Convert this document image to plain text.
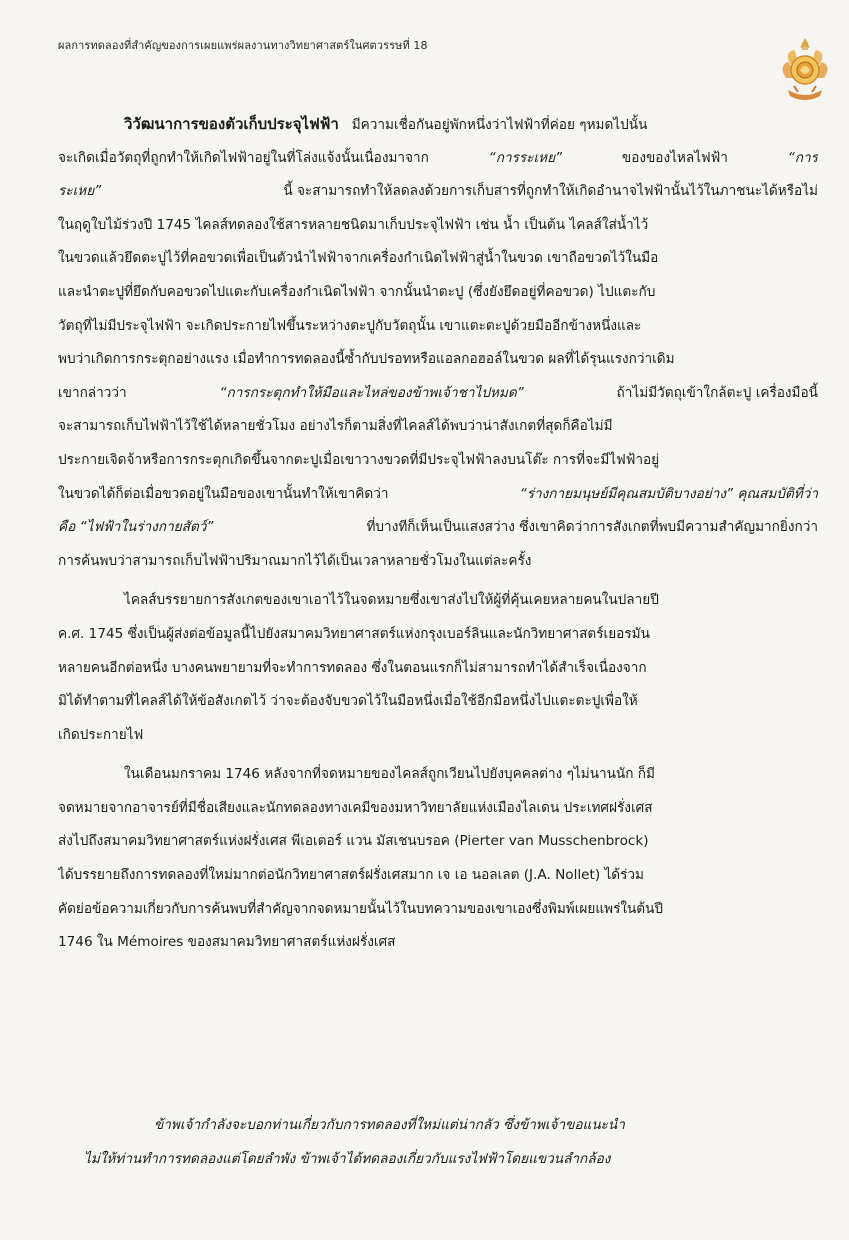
ผลการทดลองที่สำคัญของการเผยแพร่ผลงานทางวิทยาศาสตร์ในศตวรรษที่ 18
วิวัฒนาการของตัวเก็บประจุไฟฟ้า มีความเชื่อกันอยู่พักหนึ่งว่าไฟฟ้าที่ค่อย ๆหมดไปนั้น
จะเกิดเมื่อวัตถุที่ถูกทำให้เกิดไฟฟ้าอยู่ในที่โล่งแจ้งนั้นเนื่องมาจาก	“การระเหย”	ของของไหลไฟฟ้า	“การ
ระเหย”	นี้ จะสามารถทำให้ลดลงด้วยการเก็บสารที่ถูกทำให้เกิดอำนาจไฟฟ้านั้นไว้ในภาชนะได้หรือไม่
ในฤดูใบไม้ร่วงปี 1745 ไคลส์ทดลองใช้สารหลายชนิดมาเก็บประจุไฟฟ้า เช่น น้ำ เป็นต้น ไคลส์ใส่น้ำไว้
ในขวดแล้วยึดตะปูไว้ที่คอขวดเพื่อเป็นตัวนำไฟฟ้าจากเครื่องกำเนิดไฟฟ้าสู่น้ำในขวด เขาถือขวดไว้ในมือ
และนำตะปูที่ยึดกับคอขวดไปแตะกับเครื่องกำเนิดไฟฟ้า จากนั้นนำตะปู (ซึ่งยังยึดอยู่ที่คอขวด) ไปแตะกับ
วัตถุที่ไม่มีประจุไฟฟ้า จะเกิดประกายไฟขึ้นระหว่างตะปูกับวัตถุนั้น เขาแตะตะปูด้วยมืออีกข้างหนึ่งและ
พบว่าเกิดการกระตุกอย่างแรง เมื่อทำการทดลองนี้ซ้ำกับปรอทหรือแอลกอฮอล์ในขวด ผลที่ได้รุนแรงกว่าเดิม
เขากล่าวว่า	“การกระตุกทำให้มือและไหล่ของข้าพเจ้าชาไปหมด”	ถ้าไม่มีวัตถุเข้าใกล้ตะปู เครื่องมือนี้
จะสามารถเก็บไฟฟ้าไว้ใช้ได้หลายชั่วโมง อย่างไรก็ตามสิ่งที่ไคลส์ได้พบว่าน่าสังเกตที่สุดก็คือไม่มี
ประกายเจิดจ้าหรือการกระตุกเกิดขึ้นจากตะปูเมื่อเขาวางขวดที่มีประจุไฟฟ้าลงบนโต๊ะ การที่จะมีไฟฟ้าอยู่
ในขวดได้ก็ต่อเมื่อขวดอยู่ในมือของเขานั้นทำให้เขาคิดว่า	“ร่างกายมนุษย์มีคุณสมบัติบางอย่าง” คุณสมบัติที่ว่า
คือ “ไฟฟ้าในร่างกายสัตว์”	ที่บางทีก็เห็นเป็นแสงสว่าง ซึ่งเขาคิดว่าการสังเกตที่พบมีความสำคัญมากยิ่งกว่า
การค้นพบว่าสามารถเก็บไฟฟ้าปริมาณมากไว้ได้เป็นเวลาหลายชั่วโมงในแต่ละครั้ง
ไคลส์บรรยายการสังเกตของเขาเอาไว้ในจดหมายซึ่งเขาส่งไปให้ผู้ที่คุ้นเคยหลายคนในปลายปี
ค.ศ. 1745 ซึ่งเป็นผู้ส่งต่อข้อมูลนี้ไปยังสมาคมวิทยาศาสตร์แห่งกรุงเบอร์ลินและนักวิทยาศาสตร์เยอรมัน
หลายคนอีกต่อหนึ่ง บางคนพยายามที่จะทำการทดลอง ซึ่งในตอนแรกก็ไม่สามารถทำได้สำเร็จเนื่องจาก
มิได้ทำตามที่ไคลส์ได้ให้ข้อสังเกตไว้ ว่าจะต้องจับขวดไว้ในมือหนึ่งเมื่อใช้อีกมือหนึ่งไปแตะตะปูเพื่อให้
เกิดประกายไฟ
ในเดือนมกราคม 1746 หลังจากที่จดหมายของไคลส์ถูกเวียนไปยังบุคคลต่าง ๆไม่นานนัก ก็มี
จดหมายจากอาจารย์ที่มีชื่อเสียงและนักทดลองทางเคมีของมหาวิทยาลัยแห่งเมืองไลเดน ประเทศฝรั่งเศส
ส่งไปถึงสมาคมวิทยาศาสตร์แห่งฝรั่งเศส พีเอเตอร์ แวน มัสเชนบรอค (Pierter van Musschenbrock)
ได้บรรยายถึงการทดลองที่ใหม่มากต่อนักวิทยาศาสตร์ฝรั่งเศสมาก เจ เอ นอลเลต (J.A. Nollet) ได้ร่วม
คัดย่อข้อความเกี่ยวกับการค้นพบที่สำคัญจากจดหมายนั้นไว้ในบทความของเขาเองซึ่งพิมพ์เผยแพร่ในต้นปี
1746 ใน Mémoires ของสมาคมวิทยาศาสตร์แห่งฝรั่งเศส
ข้าพเจ้ากำลังจะบอกท่านเกี่ยวกับการทดลองที่ใหม่แต่น่ากลัว ซึ่งข้าพเจ้าขอแนะนำ
ไม่ให้ท่านทำการทดลองแต่โดยลำพัง ข้าพเจ้าได้ทดลองเกี่ยวกับแรงไฟฟ้าโดยแขวนลำกล้อง
